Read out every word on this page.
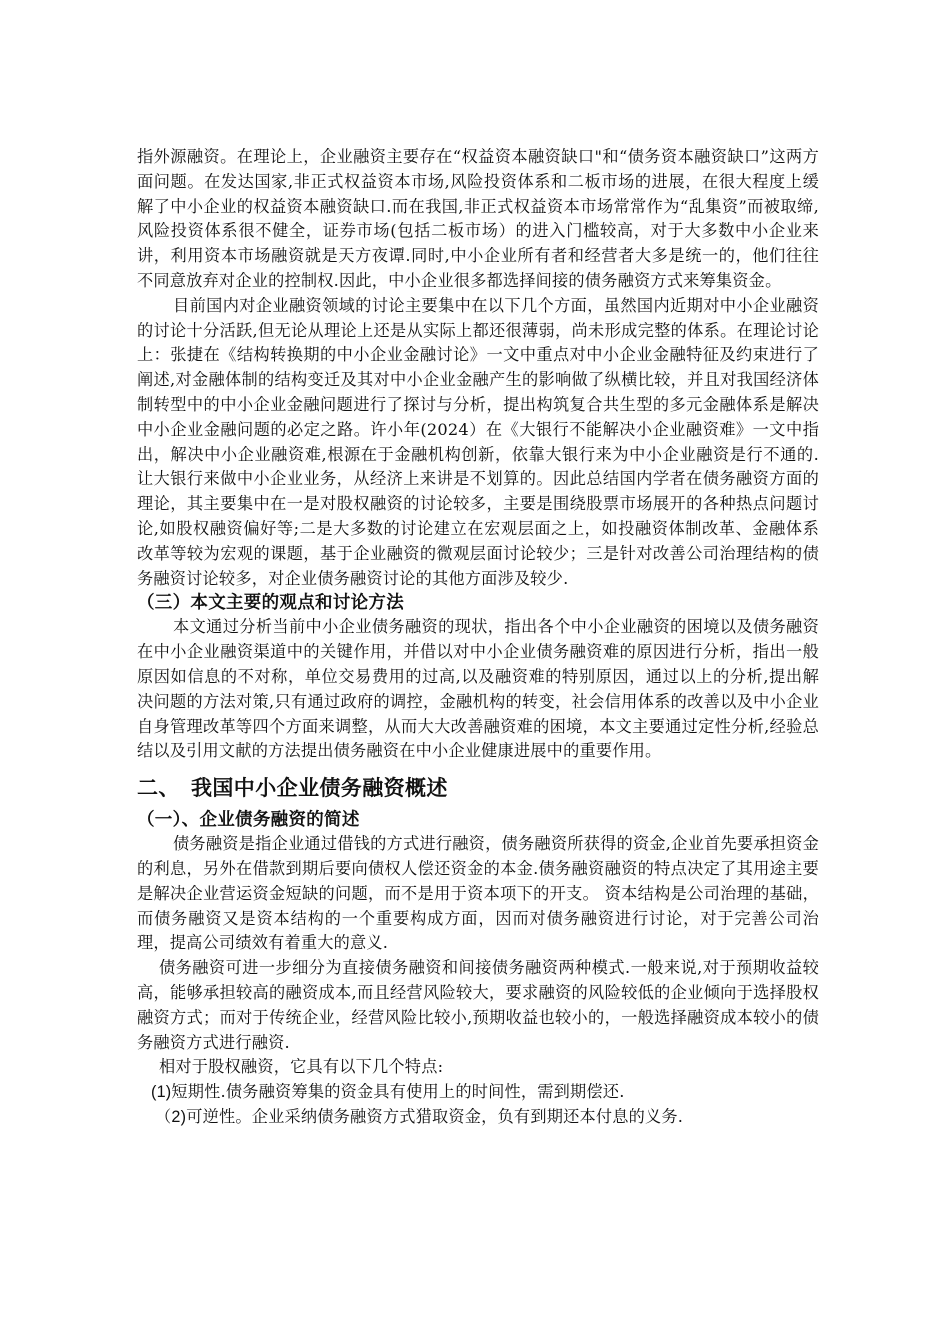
指外源融资。在理论上，企业融资主要存在“权益资本融资缺口"和“债务资本融资缺口”这两方面问题。在发达国家,非正式权益资本市场,风险投资体系和二板市场的进展，在很大程度上缓解了中小企业的权益资本融资缺口.而在我国,非正式权益资本市场常常作为“乱集资”而被取缔,风险投资体系很不健全，证券市场(包括二板市场）的进入门槛较高，对于大多数中小企业来讲，利用资本市场融资就是天方夜谭.同时,中小企业所有者和经营者大多是统一的，他们往往不同意放弃对企业的控制权.因此，中小企业很多都选择间接的债务融资方式来筹集资金。

目前国内对企业融资领域的讨论主要集中在以下几个方面，虽然国内近期对中小企业融资的讨论十分活跃,但无论从理论上还是从实际上都还很薄弱，尚未形成完整的体系。在理论讨论上：张捷在《结构转换期的中小企业金融讨论》一文中重点对中小企业金融特征及约束进行了阐述,对金融体制的结构变迁及其对中小企业金融产生的影响做了纵横比较，并且对我国经济体制转型中的中小企业金融问题进行了探讨与分析，提出构筑复合共生型的多元金融体系是解决中小企业金融问题的必定之路。许小年(2024）在《大银行不能解决小企业融资难》一文中指出，解决中小企业融资难,根源在于金融机构创新，依靠大银行来为中小企业融资是行不通的. 让大银行来做中小企业业务，从经济上来讲是不划算的。因此总结国内学者在债务融资方面的理论，其主要集中在一是对股权融资的讨论较多，主要是围绕股票市场展开的各种热点问题讨论,如股权融资偏好等;二是大多数的讨论建立在宏观层面之上，如投融资体制改革、金融体系改革等较为宏观的课题，基于企业融资的微观层面讨论较少；三是针对改善公司治理结构的债务融资讨论较多，对企业债务融资讨论的其他方面涉及较少.

（三）本文主要的观点和讨论方法

本文通过分析当前中小企业债务融资的现状，指出各个中小企业融资的困境以及债务融资在中小企业融资渠道中的关键作用，并借以对中小企业债务融资难的原因进行分析，指出一般原因如信息的不对称，单位交易费用的过高,以及融资难的特别原因，通过以上的分析,提出解决问题的方法对策,只有通过政府的调控，金融机构的转变，社会信用体系的改善以及中小企业自身管理改革等四个方面来调整，从而大大改善融资难的困境，本文主要通过定性分析,经验总结以及引用文献的方法提出债务融资在中小企业健康进展中的重要作用。

二、 我国中小企业债务融资概述

（一）、企业债务融资的简述

债务融资是指企业通过借钱的方式进行融资，债务融资所获得的资金,企业首先要承担资金的利息，另外在借款到期后要向债权人偿还资金的本金.债务融资融资的特点决定了其用途主要是解决企业营运资金短缺的问题，而不是用于资本项下的开支。 资本结构是公司治理的基础，而债务融资又是资本结构的一个重要构成方面，因而对债务融资进行讨论，对于完善公司治理，提高公司绩效有着重大的意义.

债务融资可进一步细分为直接债务融资和间接债务融资两种模式.一般来说,对于预期收益较高，能够承担较高的融资成本,而且经营风险较大，要求融资的风险较低的企业倾向于选择股权融资方式；而对于传统企业，经营风险比较小,预期收益也较小的，一般选择融资成本较小的债务融资方式进行融资.

相对于股权融资，它具有以下几个特点:

(1)短期性.债务融资筹集的资金具有使用上的时间性，需到期偿还.

（2)可逆性。企业采纳债务融资方式猎取资金，负有到期还本付息的义务.
